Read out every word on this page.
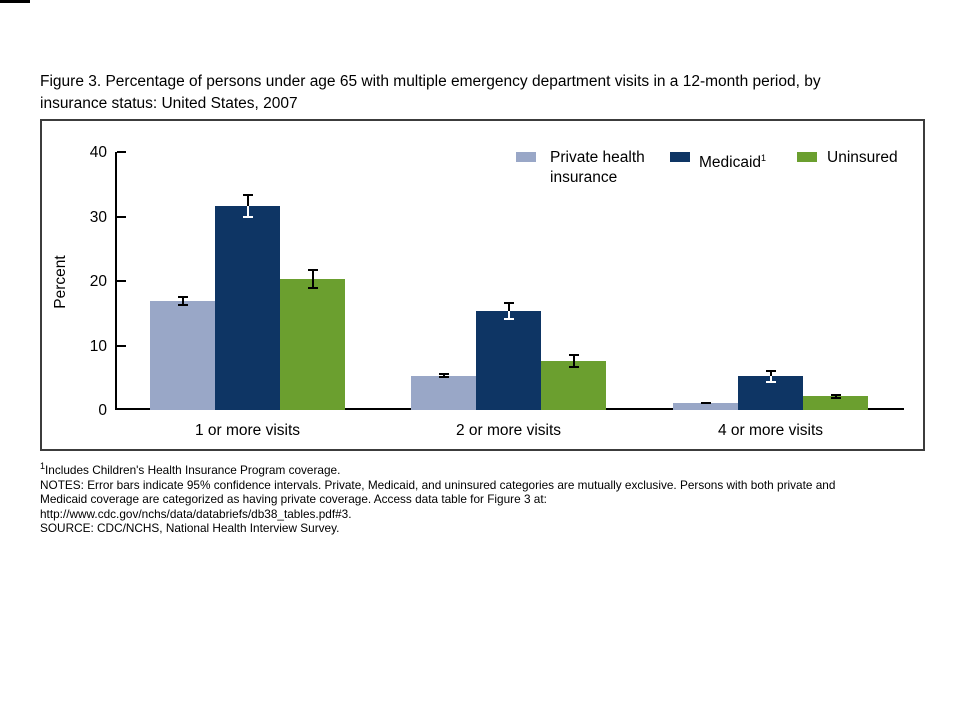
Figure 3. Percentage of persons under age 65 with multiple emergency department visits in a 12-month period, by
insurance status: United States, 2007
Percent
40
30
20
10
0
1 or more visits	2 or more visits	4 or more visits
Private health
insurance
Medicaid$^1$	Uninsured
$^1$Includes Children's Health Insurance Program coverage.
NOTES: Error bars indicate 95% confidence intervals. Private, Medicaid, and uninsured categories are mutually exclusive. Persons with both private and
Medicaid coverage are categorized as having private coverage. Access data table for Figure 3 at:
http://www.cdc.gov/nchs/data/databriefs/db38_tables.pdf#3.
SOURCE: CDC/NCHS, National Health Interview Survey.
